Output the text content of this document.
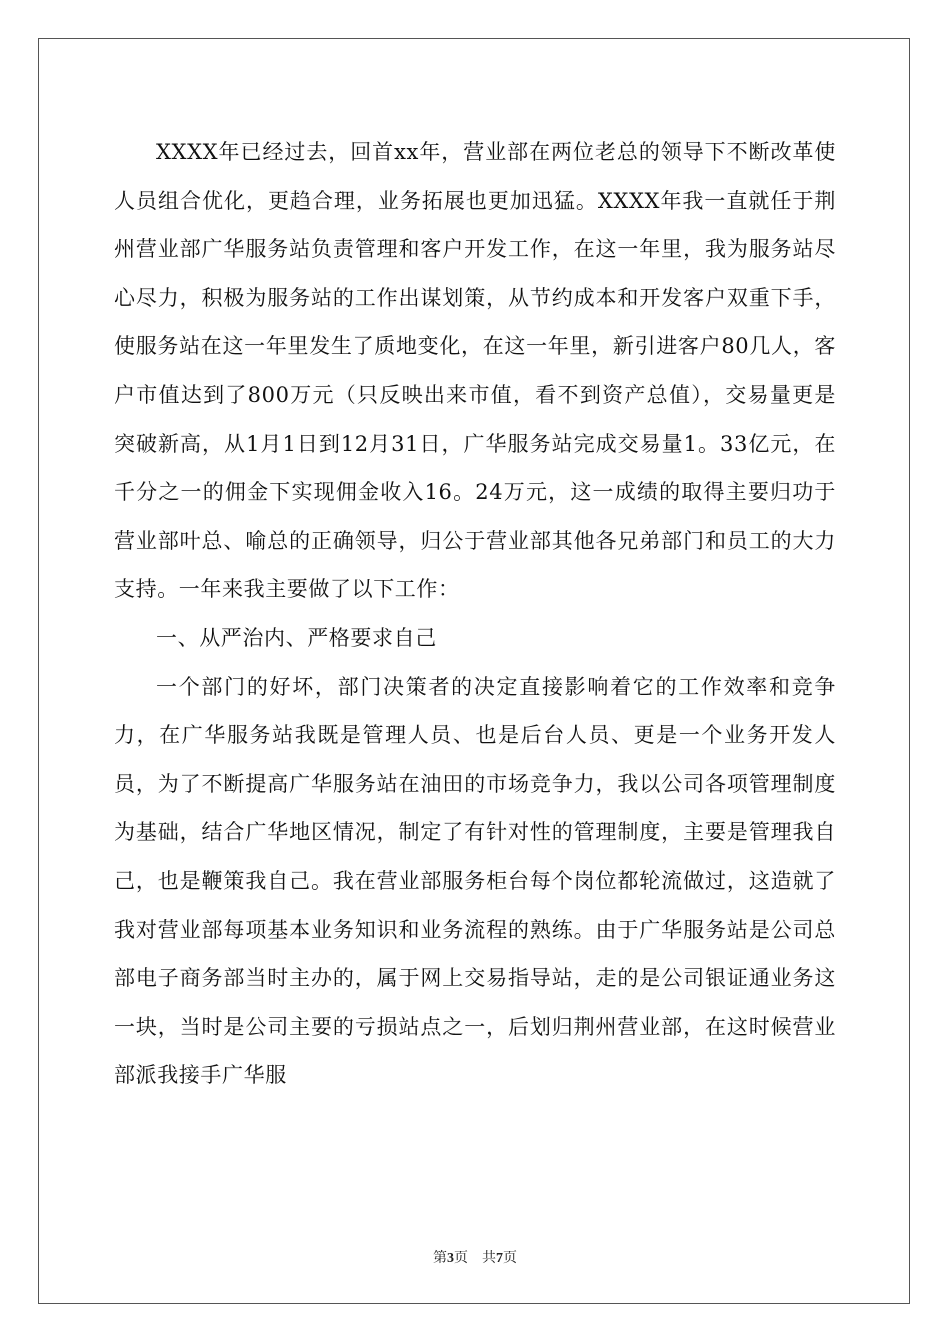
XXXX年已经过去，回首xx年，营业部在两位老总的领导下不断改革使人员组合优化，更趋合理，业务拓展也更加迅猛。XXXX年我一直就任于荆州营业部广华服务站负责管理和客户开发工作，在这一年里，我为服务站尽心尽力，积极为服务站的工作出谋划策，从节约成本和开发客户双重下手，使服务站在这一年里发生了质地变化，在这一年里，新引进客户80几人，客户市值达到了800万元（只反映出来市值，看不到资产总值），交易量更是突破新高，从1月1日到12月31日，广华服务站完成交易量1。33亿元，在千分之一的佣金下实现佣金收入16。24万元，这一成绩的取得主要归功于营业部叶总、喻总的正确领导，归公于营业部其他各兄弟部门和员工的大力支持。一年来我主要做了以下工作：

一、从严治内、严格要求自己

一个部门的好坏，部门决策者的决定直接影响着它的工作效率和竞争力，在广华服务站我既是管理人员、也是后台人员、更是一个业务开发人员，为了不断提高广华服务站在油田的市场竞争力，我以公司各项管理制度为基础，结合广华地区情况，制定了有针对性的管理制度，主要是管理我自己，也是鞭策我自己。我在营业部服务柜台每个岗位都轮流做过，这造就了我对营业部每项基本业务知识和业务流程的熟练。由于广华服务站是公司总部电子商务部当时主办的，属于网上交易指导站，走的是公司银证通业务这一块，当时是公司主要的亏损站点之一，后划归荆州营业部，在这时候营业部派我接手广华服

第3页 共7页
